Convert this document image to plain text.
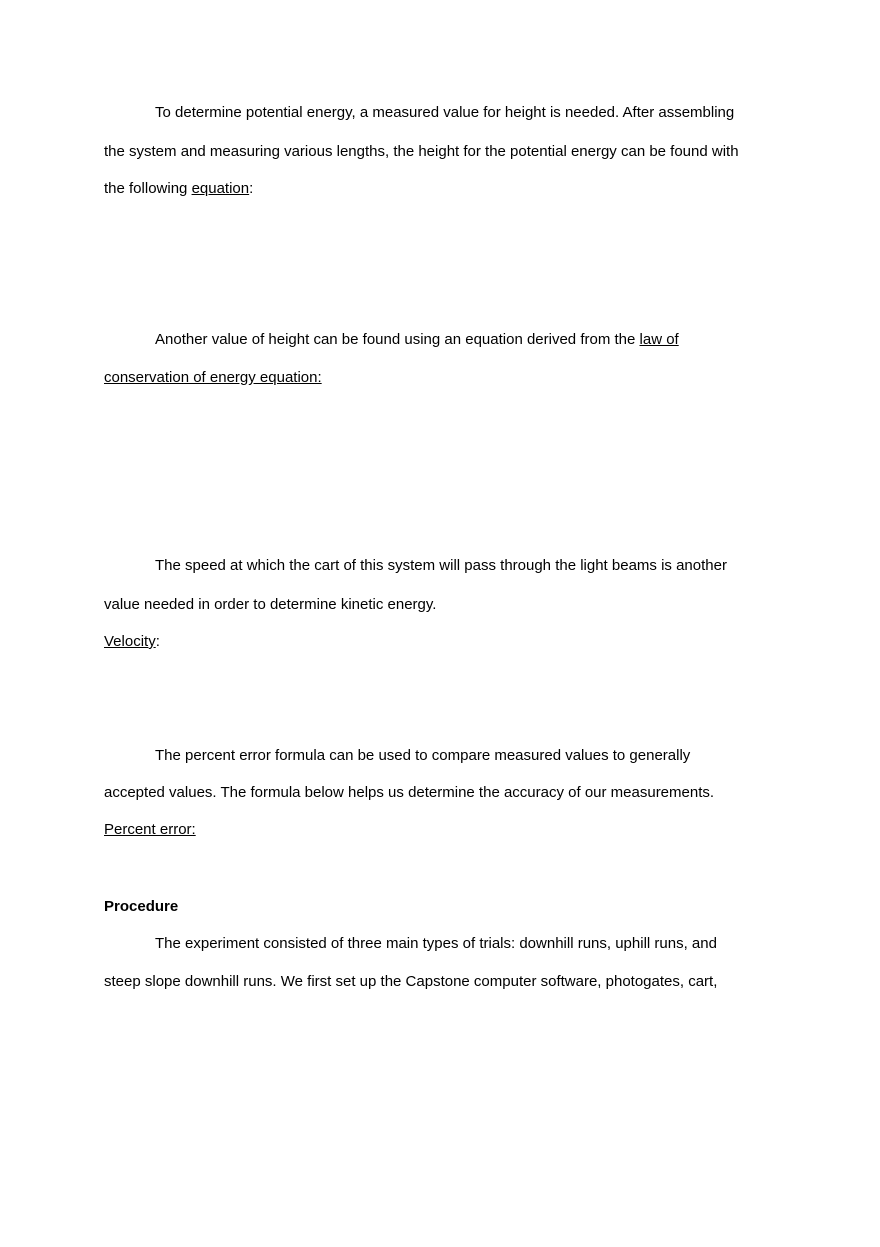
To determine potential energy, a measured value for height is needed. After assembling
the system and measuring various lengths, the height for the potential energy can be found with
the following equation:
Another value of height can be found using an equation derived from the law of
conservation of energy equation:
The speed at which the cart of this system will pass through the light beams is another
value needed in order to determine kinetic energy.
Velocity:
The percent error formula can be used to compare measured values to generally
accepted values. The formula below helps us determine the accuracy of our measurements.
Percent error:
Procedure
The experiment consisted of three main types of trials: downhill runs, uphill runs, and
steep slope downhill runs. We first set up the Capstone computer software, photogates, cart,
